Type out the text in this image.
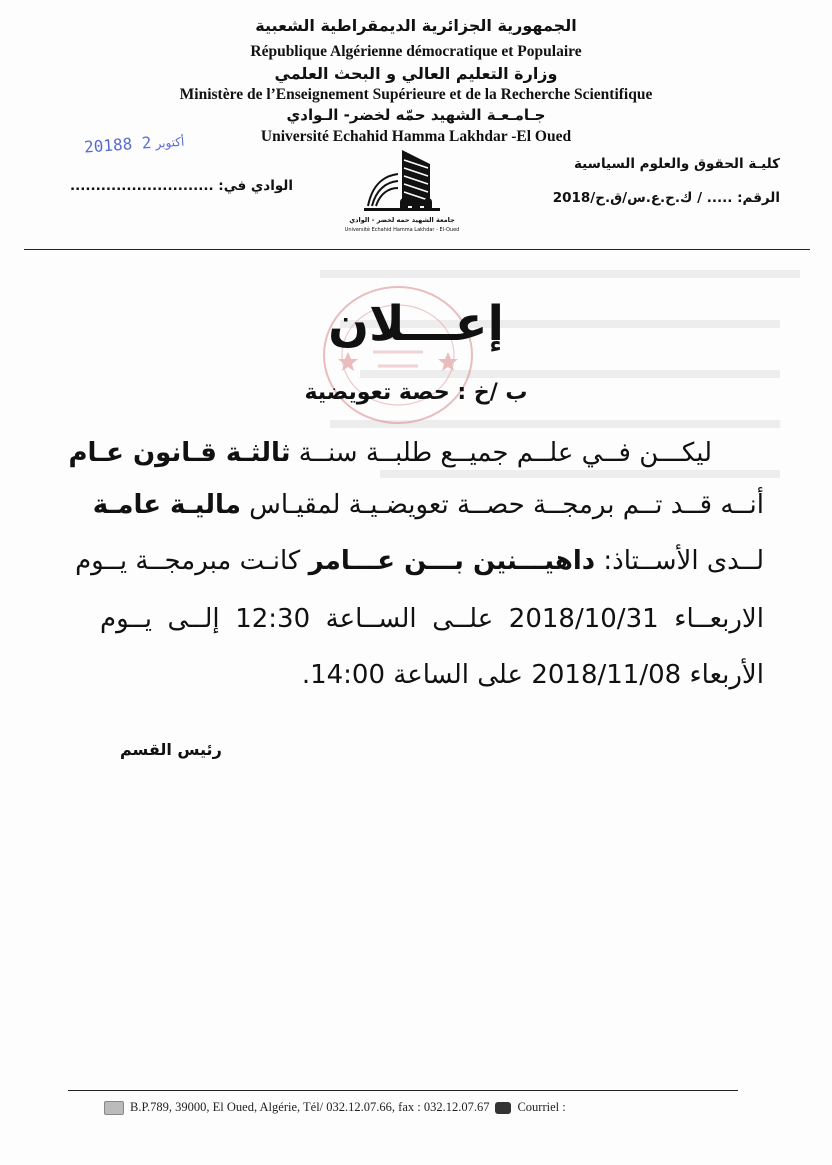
الجمهورية الجزائرية الديمقراطية الشعبية
République Algérienne démocratique et Populaire
وزارة التعليم العالي و البحث العلمي
Ministère de l’Enseignement Supérieure et de la Recherche Scientifique
جـامـعـة الشهيد حمّه لخضر- الـوادي
Université Echahid Hamma Lakhdar -El Oued
2018	أكتوبر2 8
كليـة الحقوق والعلوم السياسية
الرقم: ..... / ك.ح.ع.س/ق.ح/2018
الوادي في: ............................
جامعة الشهيد حمه لخضر - الوادي
Université Echahid Hamma Lakhdar - El-Oued
إعـــلان
ب /خ : حصة تعويضية
ليكـــن فــي علــم جميــع طلبــة سنــة ثالثـة قـانون عـام
أنــه قــد تــم برمجــة حصــة تعويضـيـة لمقيـاس ماليـة عامـة
لــدى الأســتاذ: داهيـــنين بـــن عـــامر كانـت مبرمجــة يــوم
الاربعــاء 2018/10/31 علــى الســاعة 12:30 إلــى يــوم
الأربعاء 2018/11/08 على الساعة 14:00.
رئيس القسم
B.P.789, 39000, El Oued, Algérie, Tél/ 032.12.07.66, fax : 032.12.07.67 Courriel :
